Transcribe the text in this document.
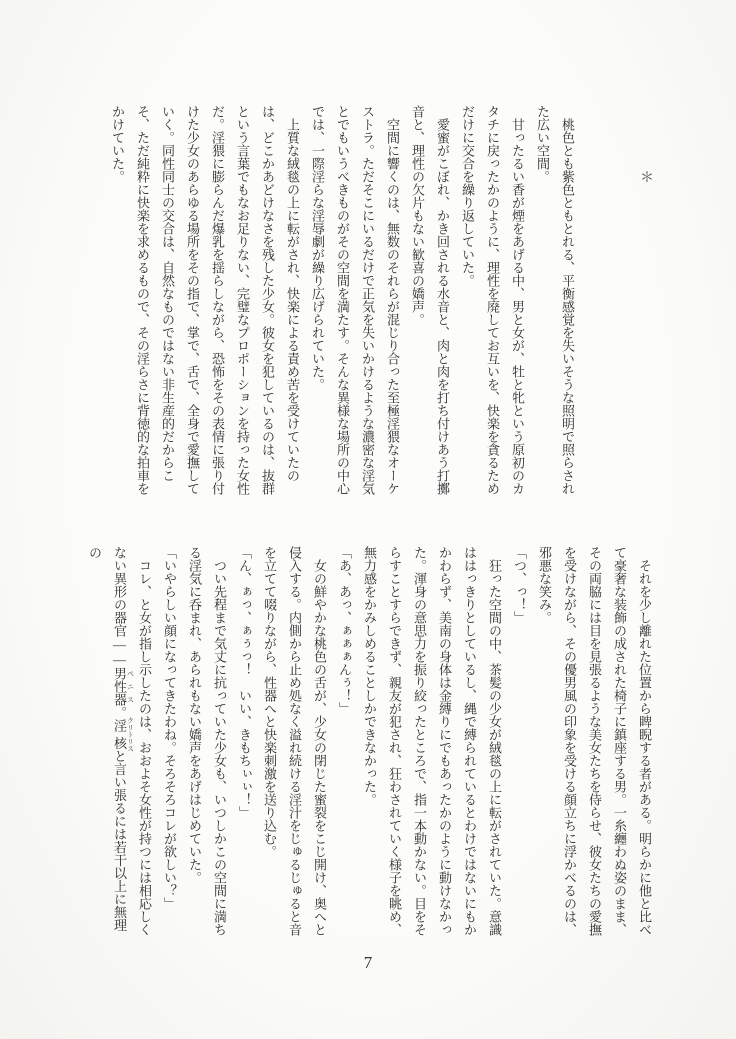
＊

桃色とも紫色ともとれる、平衡感覚を失いそうな照明で照らされた広い空間。

甘ったるい香が煙をあげる中、男と女が、牡と牝という原初のカタチに戻ったかのように、理性を廃してお互いを、快楽を貪るためだけに交合を繰り返していた。

愛蜜がこぼれ、かき回される水音と、肉と肉を打ち付けあう打擲音と、理性の欠片もない歓喜の嬌声。

空間に響くのは、無数のそれらが混じり合った至極淫猥なオーケストラ。ただそこにいるだけで正気を失いかけるような濃密な淫気とでもいうべきものがその空間を満たす。そんな異様な場所の中心では、一際淫らな淫辱劇が繰り広げられていた。

上質な絨毯の上に転がされ、快楽による責め苦を受けていたのは、どこかあどけなさを残した少女。彼女を犯しているのは、抜群という言葉でもなお足りない、完璧なプロポーションを持った女性だ。淫猥に膨らんだ爆乳を揺らしながら、恐怖をその表情に張り付けた少女のあらゆる場所をその指で、掌で、舌で、全身で愛撫していく。同性同士の交合は、自然なものではない非生産的だからこそ、ただ純粋に快楽を求めるもので、その淫らさに背徳的な拍車をかけていた。

それを少し離れた位置から睥睨する者がある。明らかに他と比べて豪奢な装飾の成された椅子に鎮座する男。一糸纏わぬ姿のまま、その両脇には目を見張るような美女たちを侍らせ、彼女たちの愛撫を受けながら、その優男風の印象を受ける顔立ちに浮かべるのは、邪悪な笑み。

「つ、っ！」

狂った空間の中、茶髪の少女が絨毯の上に転がされていた。意識ははっきりとしているし、縄で縛られているとわけではないにもかかわらず、美南の身体は金縛りにでもあったかのように動けなかった。渾身の意思力を振り絞ったところで、指一本動かない。目をそらすことすらできず、親友が犯され、狂わされていく様子を眺め、無力感をかみしめることしかできなかった。

「あ、あっ、ぁぁぁんぅ！」

女の鮮やかな桃色の舌が、少女の閉じた蜜裂をこじ開け、奥へと侵入する。内側から止め処なく溢れ続ける淫汁をじゅるじゅると音を立てて啜りながら、性器へと快楽刺激を送り込む。

「ん、ぁっ、ぁぅっ！　いい、きもちぃぃ！」

つい先程まで気丈に抗っていた少女も、いつしかこの空間に満ちる淫気に呑まれ、あられもない嬌声をあげはじめていた。

「いやらしい顔になってきたわね。そろそろコレが欲しい？」

コレ、と女が指し示したのは、おおよそ女性が持つには相応しくない異形の器官――男性器 ペニス。淫核 クリトリスと言い張るには若干以上に無理の

7
